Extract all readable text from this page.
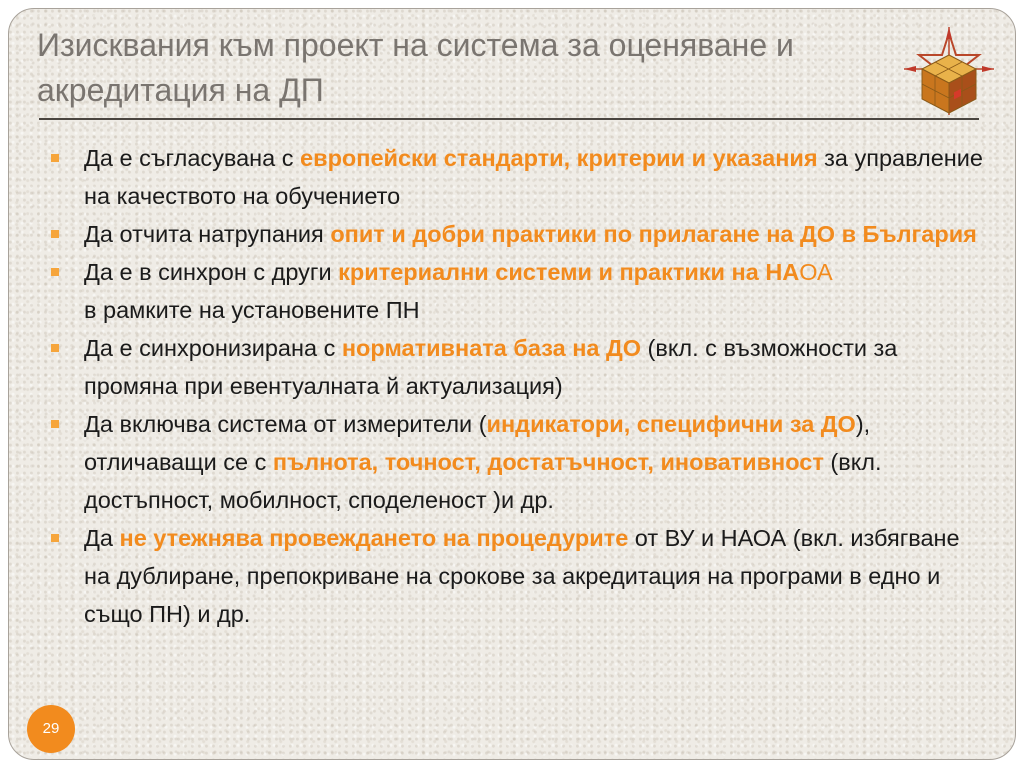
Изисквания към проект на система за оценяване и
акредитация на ДП
Да е съгласувана с европейски стандарти, критерии и указания за управление на качеството на обучението
Да отчита натрупания опит и добри практики по прилагане на ДО в България
Да е в синхрон с други критериални системи и практики на НАОА
в рамките на установените ПН
Да е синхронизирана с нормативната база на ДО (вкл. с възможности за промяна при евентуалната й актуализация)
Да включва система от измерители (индикатори, специфични за ДО), отличаващи се с пълнота, точност, достатъчност, иновативност (вкл. достъпност, мобилност, споделеност )и др.
Да не утежнява провеждането на процедурите от ВУ и НАОА (вкл. избягване на дублиране, препокриване на срокове за акредитация на програми в едно и също ПН) и др.
29
